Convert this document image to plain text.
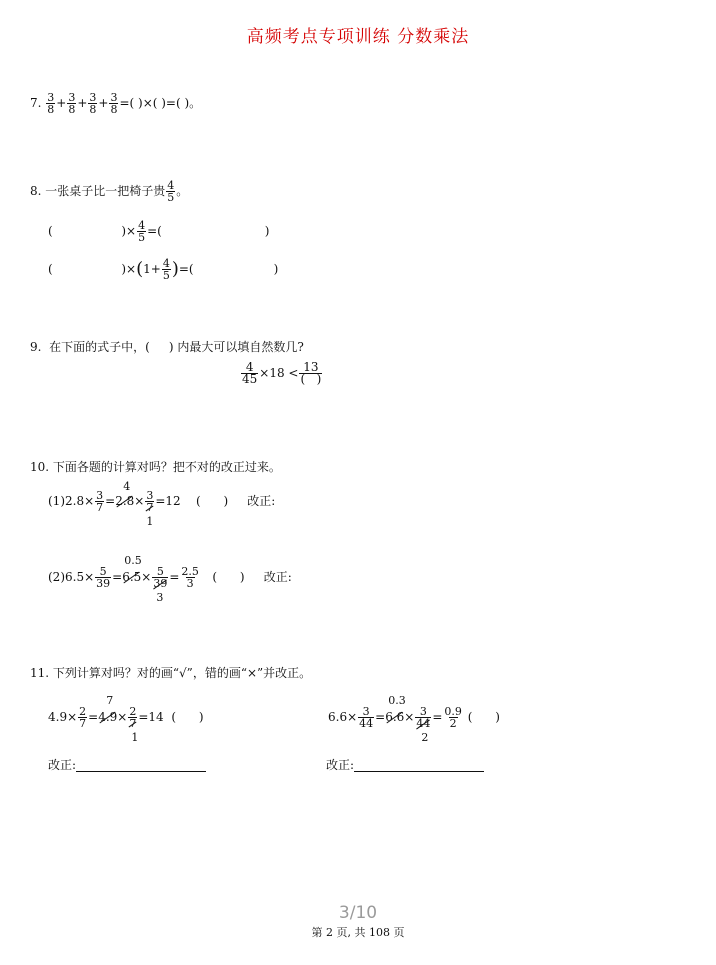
高频考点专项训练 分数乘法
7. $\frac{3}{8} + \frac{3}{8} + \frac{3}{8} + \frac{3}{8}$ =( )×( )=( )。
8. 一张桌子比一把椅子贵 $\frac{4}{5}$ 。
(                  )× $\frac{4}{5}$ =(                           )
(                  )$\times(1+ \frac{4}{5}$ )=(                     )
9.  在下面的式子中，(     ) 内最大可以填自然数几?
$\frac{4}{45} \times 18 < \frac{13}{( )}$
10. 下面各题的计算对吗？把不对的改正过来。
$(1)2.8\times \frac{3}{7}$ =
4
2.8× 3
7
1
=12    (      )     改正:
$(2)6.5\times \frac{5}{39}$ =
0.5
6.5× 5
39
3
= $\frac{2.5}{3}$ (      )     改正:
11. 下列计算对吗？对的画“√”，错的画“×”并改正。
$4.9\times \frac{2}{7}$ =
7
4.9× 2
7
1
=14  (      )	$6.6\times \frac{3}{44}$ =
0.3
6.6× 3
44
2
= $\frac{0.9}{2}$ (      )
改正:	改正:
3/10
第 2 页, 共 108 页
